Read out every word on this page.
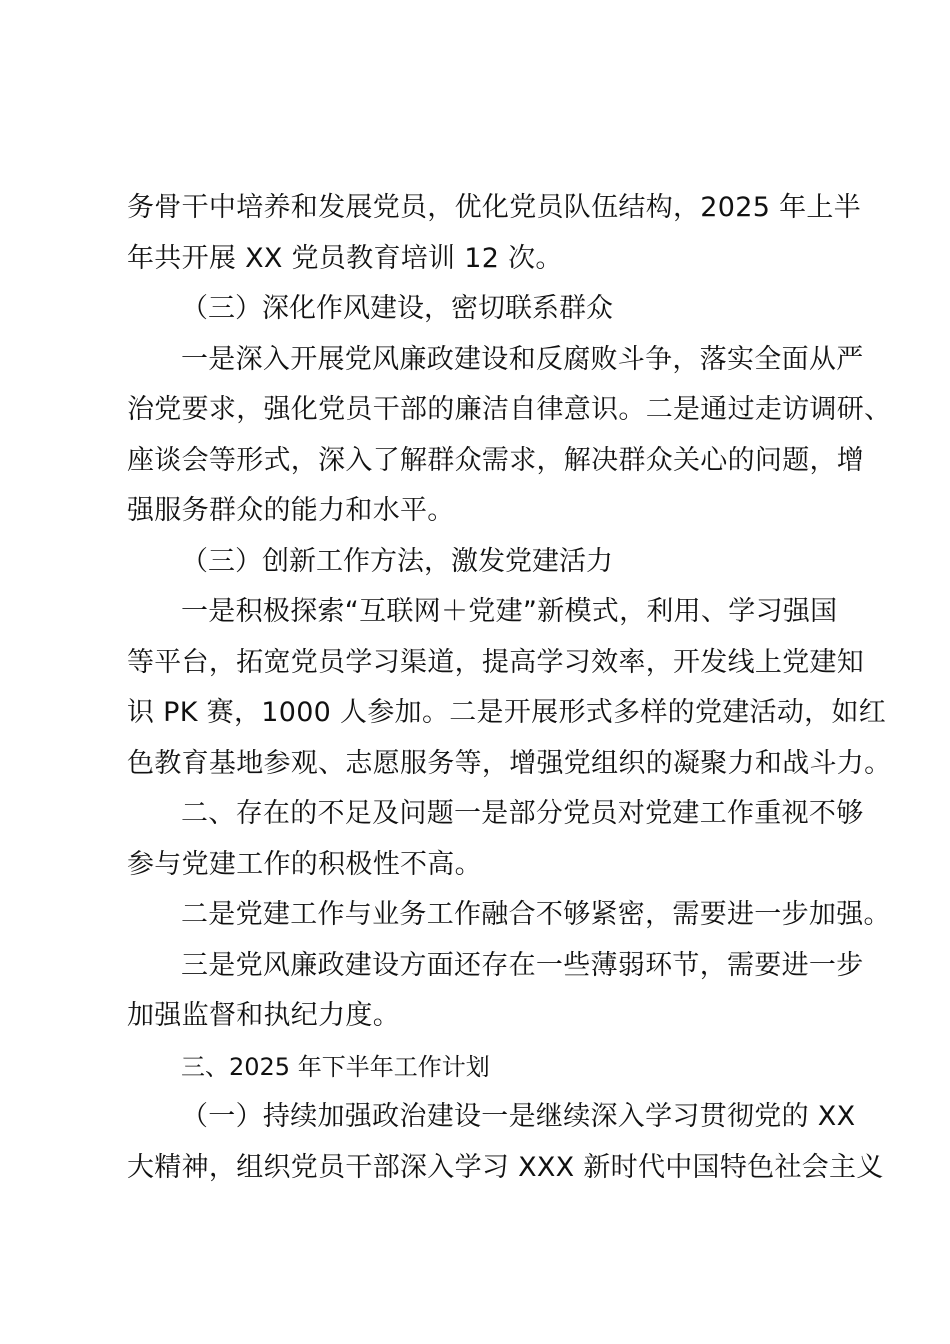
务骨干中培养和发展党员，优化党员队伍结构，2025 年上半
年共开展 XX 党员教育培训 12 次。
（三）深化作风建设，密切联系群众
一是深入开展党风廉政建设和反腐败斗争，落实全面从严
治党要求，强化党员干部的廉洁自律意识。二是通过走访调研、
座谈会等形式，深入了解群众需求，解决群众关心的问题，增
强服务群众的能力和水平。
（三）创新工作方法，激发党建活力
一是积极探索“互联网＋党建”新模式，利用、学习强国
等平台，拓宽党员学习渠道，提高学习效率，开发线上党建知
识 PK 赛，1000 人参加。二是开展形式多样的党建活动，如红
色教育基地参观、志愿服务等，增强党组织的凝聚力和战斗力。
二、存在的不足及问题一是部分党员对党建工作重视不够
参与党建工作的积极性不高。
二是党建工作与业务工作融合不够紧密，需要进一步加强。
三是党风廉政建设方面还存在一些薄弱环节，需要进一步
加强监督和执纪力度。
三、2025 年下半年工作计划
（一）持续加强政治建设一是继续深入学习贯彻党的 XX
大精神，组织党员干部深入学习 XXX 新时代中国特色社会主义
